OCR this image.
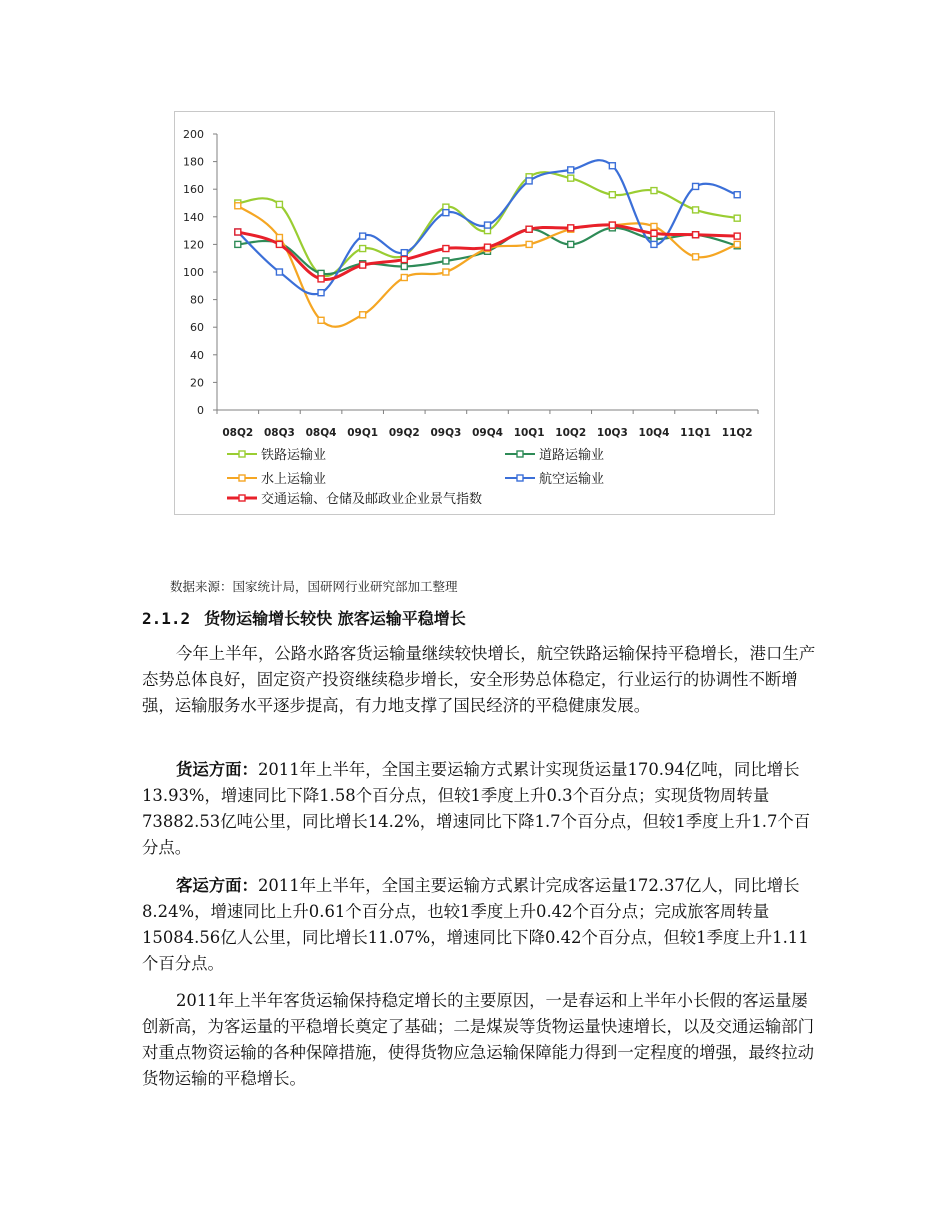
0
20
40
60
80
100
120
140
160
180
200
08Q2 08Q3 08Q4 09Q1 09Q2 09Q3 09Q4 10Q1 10Q2 10Q3 10Q4 11Q1 11Q2
铁路运输业	道路运输业
水上运输业	航空运输业
交通运输、仓储及邮政业企业景气指数
数据来源：国家统计局，国研网行业研究部加工整理
2.1.2 货物运输增长较快 旅客运输平稳增长
今年上半年，公路水路客货运输量继续较快增长，航空铁路运输保持平稳增长，港口生产态势总体良好，固定资产投资继续稳步增长，安全形势总体稳定，行业运行的协调性不断增强，运输服务水平逐步提高，有力地支撑了国民经济的平稳健康发展。
货运方面：2011年上半年，全国主要运输方式累计实现货运量170.94亿吨，同比增长13.93%，增速同比下降1.58个百分点，但较1季度上升0.3个百分点；实现货物周转量73882.53亿吨公里，同比增长14.2%，增速同比下降1.7个百分点，但较1季度上升1.7个百分点。
客运方面：2011年上半年，全国主要运输方式累计完成客运量172.37亿人，同比增长8.24%，增速同比上升0.61个百分点，也较1季度上升0.42个百分点；完成旅客周转量15084.56亿人公里，同比增长11.07%，增速同比下降0.42个百分点，但较1季度上升1.11个百分点。
2011年上半年客货运输保持稳定增长的主要原因，一是春运和上半年小长假的客运量屡创新高，为客运量的平稳增长奠定了基础；二是煤炭等货物运量快速增长，以及交通运输部门对重点物资运输的各种保障措施，使得货物应急运输保障能力得到一定程度的增强，最终拉动货物运输的平稳增长。
